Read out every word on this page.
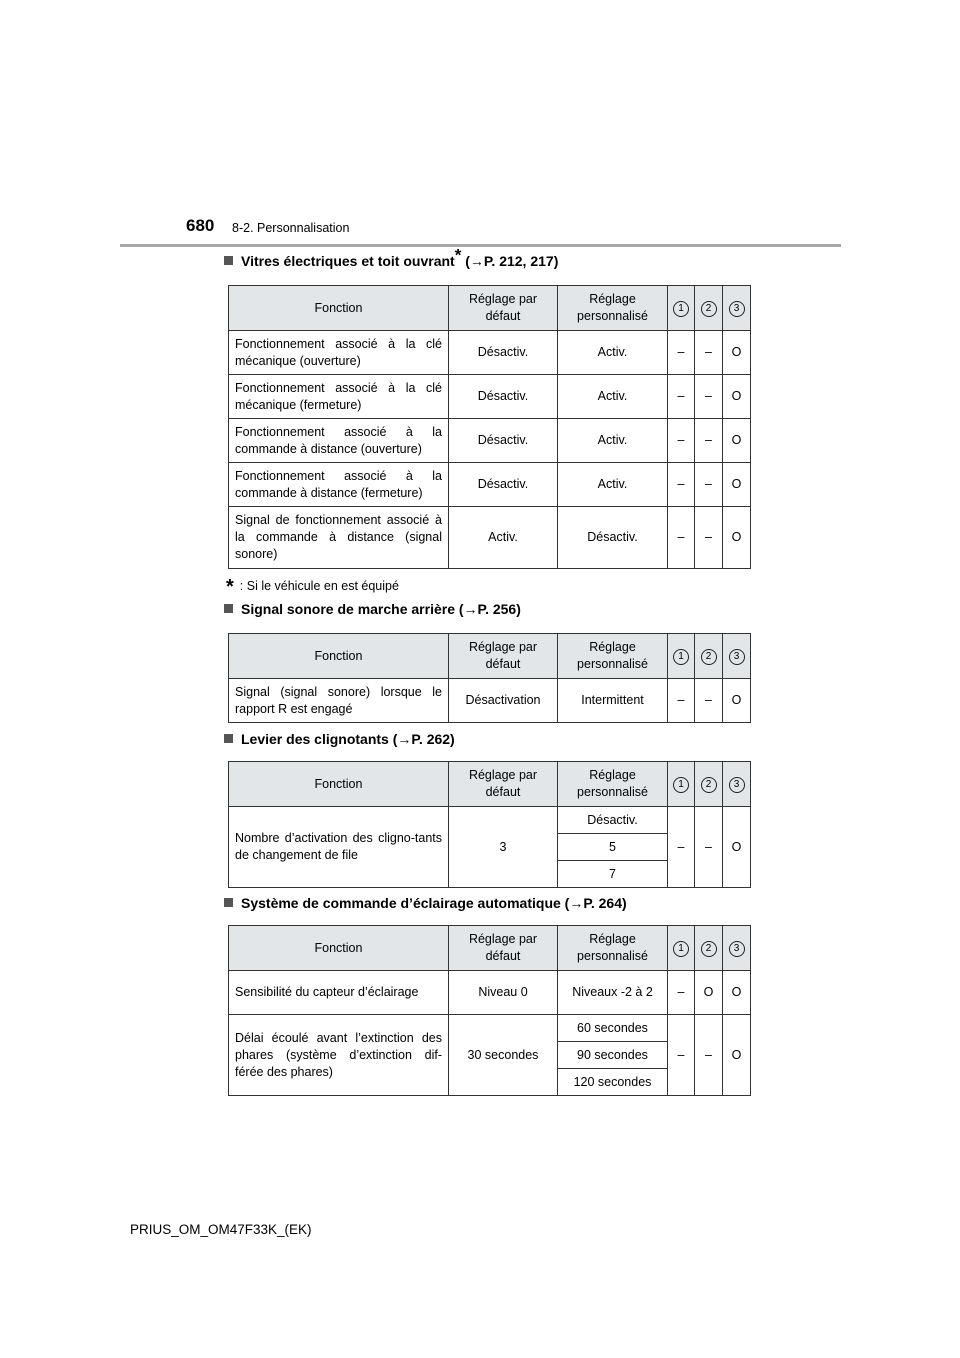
680 8-2. Personnalisation
Vitres électriques et toit ouvrant* (→P. 212, 217)
Fonction	Réglage par défaut	Réglage personnalisé	1	2	3
Fonctionnement associé à la clé mécanique (ouverture)	Désactiv.	Activ.	–	–	O
Fonctionnement associé à la clé mécanique (fermeture)	Désactiv.	Activ.	–	–	O
Fonctionnement associé à la commande à distance (ouverture)	Désactiv.	Activ.	–	–	O
Fonctionnement associé à la commande à distance (fermeture)	Désactiv.	Activ.	–	–	O
Signal de fonctionnement associé à la commande à distance (signal sonore)	Activ.	Désactiv.	–	–	O
* : Si le véhicule en est équipé
Signal sonore de marche arrière (→P. 256)
Fonction	Réglage par défaut	Réglage personnalisé	1	2	3
Signal (signal sonore) lorsque le rapport R est engagé	Désactivation	Intermittent	–	–	O
Levier des clignotants (→P. 262)
Fonction	Réglage par défaut	Réglage personnalisé	1	2	3
Nombre d’activation des cligno-tants de changement de file	3	Désactiv.	–	–	O
		5			
		7			
Système de commande d’éclairage automatique (→P. 264)
Fonction	Réglage par défaut	Réglage personnalisé	1	2	3
Sensibilité du capteur d’éclairage	Niveau 0	Niveaux -2 à 2	–	O	O
Délai écoulé avant l’extinction des phares (système d’extinction dif-férée des phares)	30 secondes	60 secondes	–	–	O
		90 secondes			
		120 secondes			
PRIUS_OM_OM47F33K_(EK)
